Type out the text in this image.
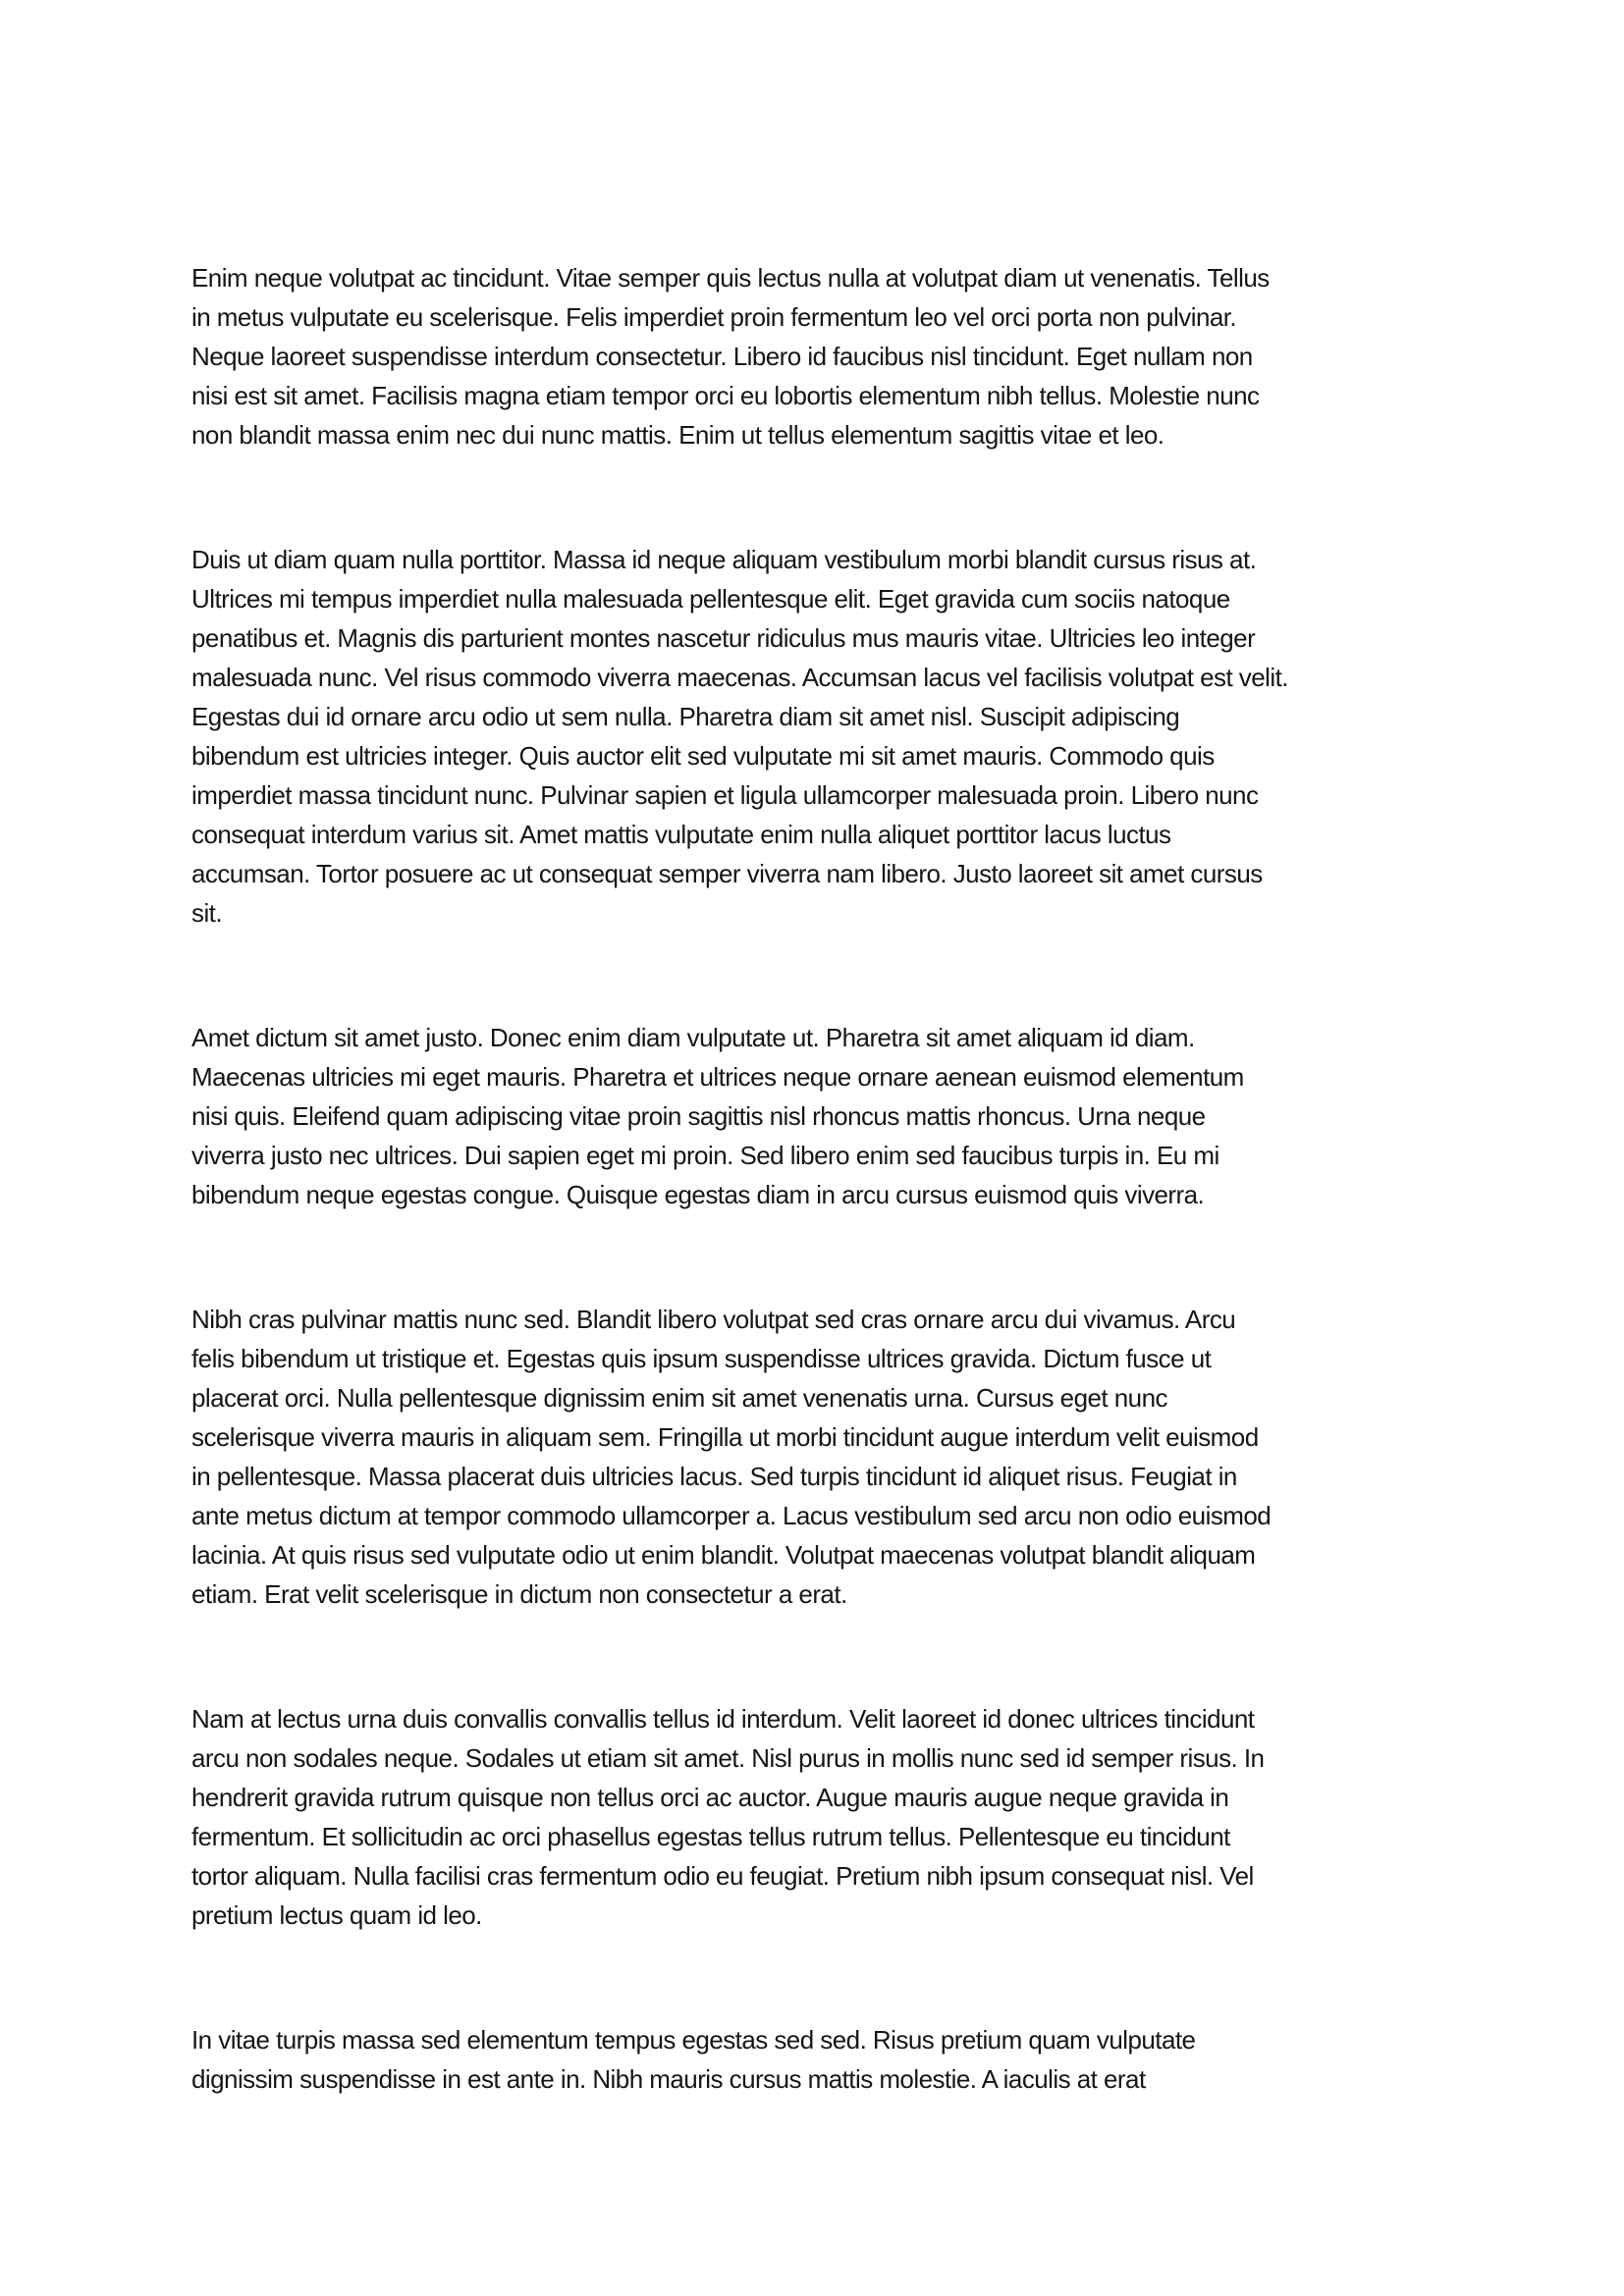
Enim neque volutpat ac tincidunt. Vitae semper quis lectus nulla at volutpat diam ut venenatis. Tellus
in metus vulputate eu scelerisque. Felis imperdiet proin fermentum leo vel orci porta non pulvinar.
Neque laoreet suspendisse interdum consectetur. Libero id faucibus nisl tincidunt. Eget nullam non
nisi est sit amet. Facilisis magna etiam tempor orci eu lobortis elementum nibh tellus. Molestie nunc
non blandit massa enim nec dui nunc mattis. Enim ut tellus elementum sagittis vitae et leo.

Duis ut diam quam nulla porttitor. Massa id neque aliquam vestibulum morbi blandit cursus risus at.
Ultrices mi tempus imperdiet nulla malesuada pellentesque elit. Eget gravida cum sociis natoque
penatibus et. Magnis dis parturient montes nascetur ridiculus mus mauris vitae. Ultricies leo integer
malesuada nunc. Vel risus commodo viverra maecenas. Accumsan lacus vel facilisis volutpat est velit.
Egestas dui id ornare arcu odio ut sem nulla. Pharetra diam sit amet nisl. Suscipit adipiscing
bibendum est ultricies integer. Quis auctor elit sed vulputate mi sit amet mauris. Commodo quis
imperdiet massa tincidunt nunc. Pulvinar sapien et ligula ullamcorper malesuada proin. Libero nunc
consequat interdum varius sit. Amet mattis vulputate enim nulla aliquet porttitor lacus luctus
accumsan. Tortor posuere ac ut consequat semper viverra nam libero. Justo laoreet sit amet cursus
sit.

Amet dictum sit amet justo. Donec enim diam vulputate ut. Pharetra sit amet aliquam id diam.
Maecenas ultricies mi eget mauris. Pharetra et ultrices neque ornare aenean euismod elementum
nisi quis. Eleifend quam adipiscing vitae proin sagittis nisl rhoncus mattis rhoncus. Urna neque
viverra justo nec ultrices. Dui sapien eget mi proin. Sed libero enim sed faucibus turpis in. Eu mi
bibendum neque egestas congue. Quisque egestas diam in arcu cursus euismod quis viverra.

Nibh cras pulvinar mattis nunc sed. Blandit libero volutpat sed cras ornare arcu dui vivamus. Arcu
felis bibendum ut tristique et. Egestas quis ipsum suspendisse ultrices gravida. Dictum fusce ut
placerat orci. Nulla pellentesque dignissim enim sit amet venenatis urna. Cursus eget nunc
scelerisque viverra mauris in aliquam sem. Fringilla ut morbi tincidunt augue interdum velit euismod
in pellentesque. Massa placerat duis ultricies lacus. Sed turpis tincidunt id aliquet risus. Feugiat in
ante metus dictum at tempor commodo ullamcorper a. Lacus vestibulum sed arcu non odio euismod
lacinia. At quis risus sed vulputate odio ut enim blandit. Volutpat maecenas volutpat blandit aliquam
etiam. Erat velit scelerisque in dictum non consectetur a erat.

Nam at lectus urna duis convallis convallis tellus id interdum. Velit laoreet id donec ultrices tincidunt
arcu non sodales neque. Sodales ut etiam sit amet. Nisl purus in mollis nunc sed id semper risus. In
hendrerit gravida rutrum quisque non tellus orci ac auctor. Augue mauris augue neque gravida in
fermentum. Et sollicitudin ac orci phasellus egestas tellus rutrum tellus. Pellentesque eu tincidunt
tortor aliquam. Nulla facilisi cras fermentum odio eu feugiat. Pretium nibh ipsum consequat nisl. Vel
pretium lectus quam id leo.

In vitae turpis massa sed elementum tempus egestas sed sed. Risus pretium quam vulputate
dignissim suspendisse in est ante in. Nibh mauris cursus mattis molestie. A iaculis at erat
